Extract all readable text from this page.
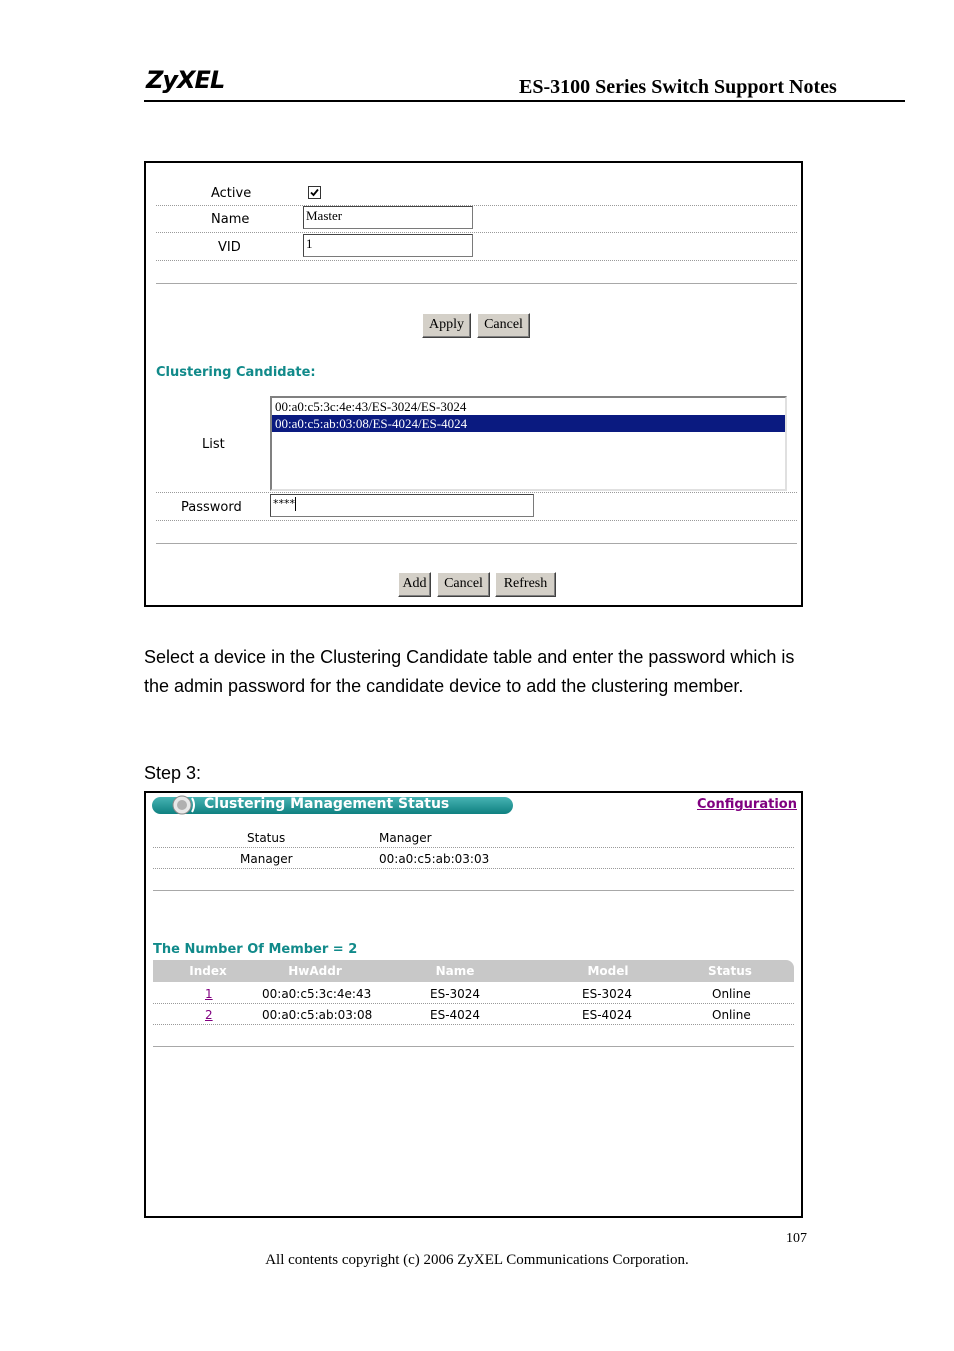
ZyXEL	ES-3100 Series Switch Support Notes
Active
Name	Master
VID	1
Apply	Cancel
Clustering Candidate:
List
00:a0:c5:3c:4e:43/ES-3024/ES-3024
00:a0:c5:ab:03:08/ES-4024/ES-4024
Password	****
Add	Cancel	Refresh
Select a device in the Clustering Candidate table and enter the password which is the admin password for the candidate device to add the clustering member.
Step 3:
Clustering Management Status	Configuration
Status	Manager
Manager	00:a0:c5:ab:03:03
The Number Of Member = 2
Index	HwAddr	Name	Model	Status
1	00:a0:c5:3c:4e:43	ES-3024	ES-3024	Online
2	00:a0:c5:ab:03:08	ES-4024	ES-4024	Online
107
All contents copyright (c) 2006 ZyXEL Communications Corporation.
